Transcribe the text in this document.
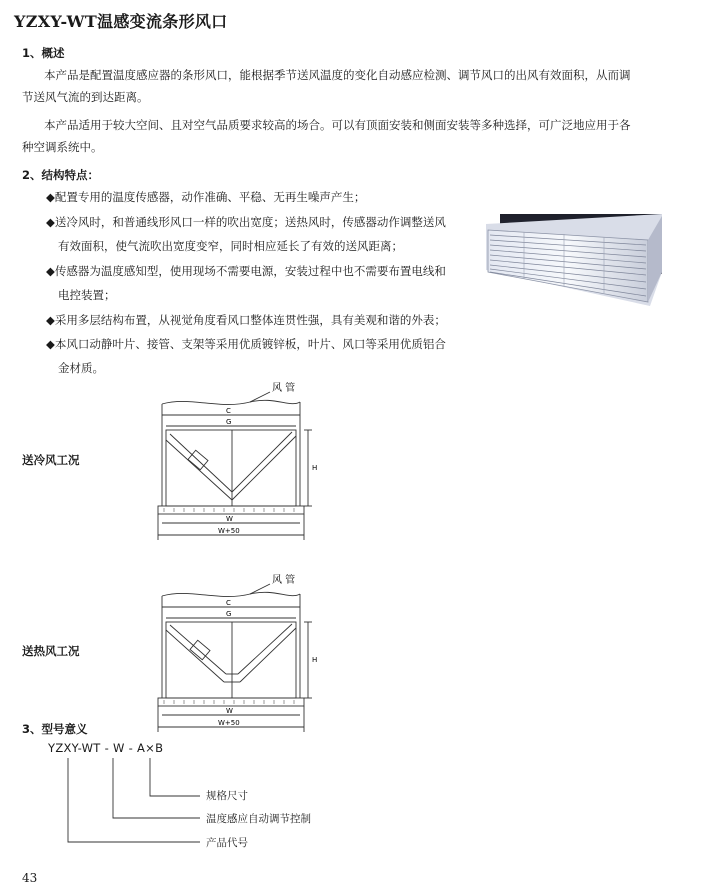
YZXY-WT温感变流条形风口
1、概述
本产品是配置温度感应器的条形风口，能根据季节送风温度的变化自动感应检测、调节风口的出风有效面积，从而调
节送风气流的到达距离。
本产品适用于较大空间、且对空气品质要求较高的场合。可以有顶面安装和侧面安装等多种选择，可广泛地应用于各
种空调系统中。
2、结构特点：
◆配置专用的温度传感器，动作准确、平稳、无再生噪声产生；
◆送冷风时，和普通线形风口一样的吹出宽度；送热风时，传感器动作调整送风
有效面积，使气流吹出宽度变窄，同时相应延长了有效的送风距离；
◆传感器为温度感知型，使用现场不需要电源，安装过程中也不需要布置电线和
电控装置；
◆采用多层结构布置，从视觉角度看风口整体连贯性强，具有美观和谐的外表；
◆本风口动静叶片、接管、支架等采用优质镀锌板，叶片、风口等采用优质铝合
金材质。
送冷风工况
送热风工况
风 管
C
G
H
W
W+50
风 管
C
G
H
W
W+50
3、型号意义
YZXY-WT - W - A×B
规格尺寸
温度感应自动调节控制
产品代号
43
